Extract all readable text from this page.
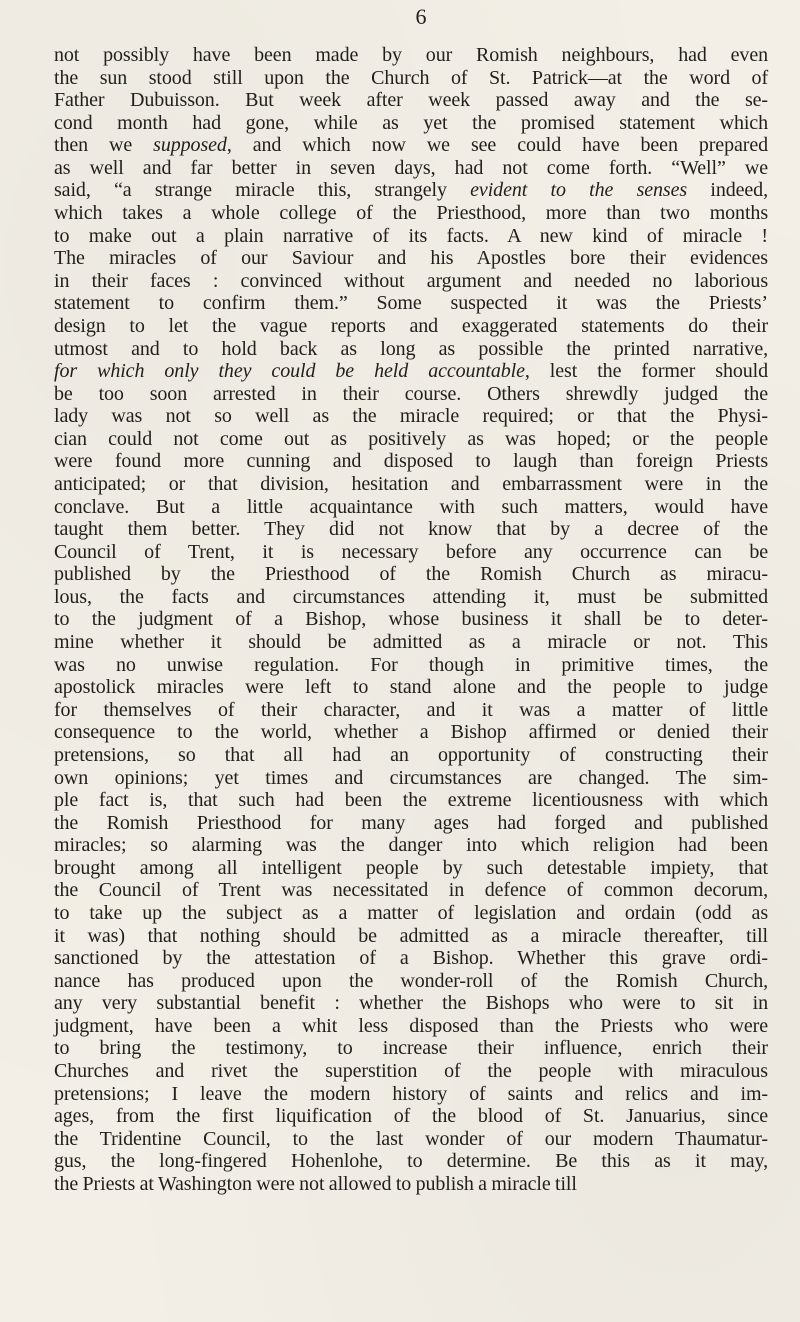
6
not possibly have been made by our Romish neighbours, had even
the sun stood still upon the Church of St. Patrick—at the word of
Father Dubuisson. But week after week passed away and the se-
cond month had gone, while as yet the promised statement which
then we supposed, and which now we see could have been prepared
as well and far better in seven days, had not come forth. “Well” we
said, “a strange miracle this, strangely evident to the senses indeed,
which takes a whole college of the Priesthood, more than two months
to make out a plain narrative of its facts. A new kind of miracle !
The miracles of our Saviour and his Apostles bore their evidences
in their faces : convinced without argument and needed no laborious
statement to confirm them.” Some suspected it was the Priests’
design to let the vague reports and exaggerated statements do their
utmost and to hold back as long as possible the printed narrative,
for which only they could be held accountable, lest the former should
be too soon arrested in their course. Others shrewdly judged the
lady was not so well as the miracle required; or that the Physi-
cian could not come out as positively as was hoped; or the people
were found more cunning and disposed to laugh than foreign Priests
anticipated; or that division, hesitation and embarrassment were in the
conclave. But a little acquaintance with such matters, would have
taught them better. They did not know that by a decree of the
Council of Trent, it is necessary before any occurrence can be
published by the Priesthood of the Romish Church as miracu-
lous, the facts and circumstances attending it, must be submitted
to the judgment of a Bishop, whose business it shall be to deter-
mine whether it should be admitted as a miracle or not. This
was no unwise regulation. For though in primitive times, the
apostolick miracles were left to stand alone and the people to judge
for themselves of their character, and it was a matter of little
consequence to the world, whether a Bishop affirmed or denied their
pretensions, so that all had an opportunity of constructing their
own opinions; yet times and circumstances are changed. The sim-
ple fact is, that such had been the extreme licentiousness with which
the Romish Priesthood for many ages had forged and published
miracles; so alarming was the danger into which religion had been
brought among all intelligent people by such detestable impiety, that
the Council of Trent was necessitated in defence of common decorum,
to take up the subject as a matter of legislation and ordain (odd as
it was) that nothing should be admitted as a miracle thereafter, till
sanctioned by the attestation of a Bishop. Whether this grave ordi-
nance has produced upon the wonder-roll of the Romish Church,
any very substantial benefit : whether the Bishops who were to sit in
judgment, have been a whit less disposed than the Priests who were
to bring the testimony, to increase their influence, enrich their
Churches and rivet the superstition of the people with miraculous
pretensions; I leave the modern history of saints and relics and im-
ages, from the first liquification of the blood of St. Januarius, since
the Tridentine Council, to the last wonder of our modern Thaumatur-
gus, the long-fingered Hohenlohe, to determine. Be this as it may,
the Priests at Washington were not allowed to publish a miracle till
